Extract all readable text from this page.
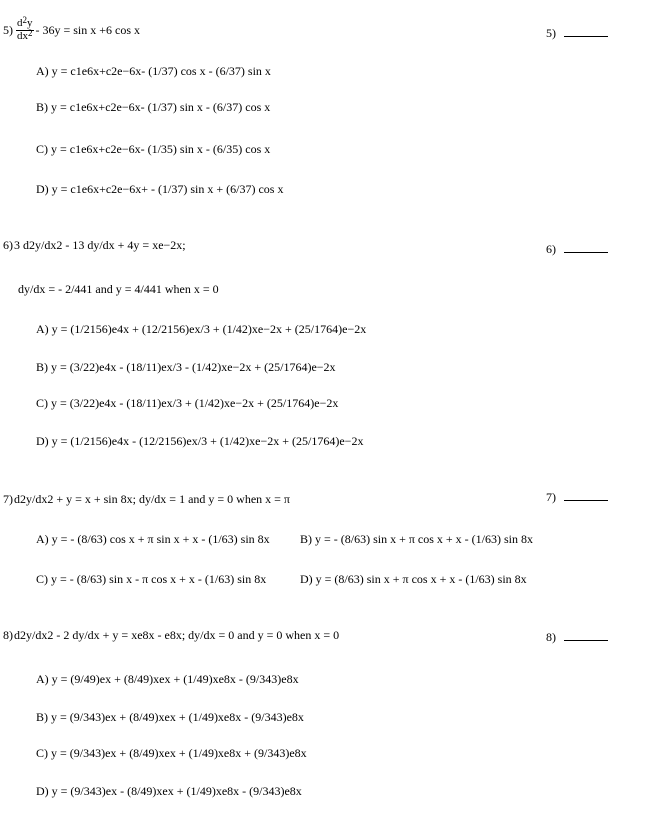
$5) \frac{d^2y}{dx^2} - 36y = \sin x +6$ cos x	5)
A) y = c1e6x+c2e−6x- (1/37) cos x - (6/37) sin x
B) y = c1e6x+c2e−6x- (1/37) sin x - (6/37) cos x
C) y = c1e6x+c2e−6x- (1/35) sin x - (6/35) cos x
D) y = c1e6x+c2e−6x+ - (1/37) sin x + (6/37) cos x
6) 3 d2y/dx2 - 13 dy/dx + 4y = xe−2x;	6)
dy/dx = - 2/441 and y = 4/441 when x = 0
A) y = (1/2156)e4x + (12/2156)ex/3 + (1/42)xe−2x + (25/1764)e−2x
B) y = (3/22)e4x - (18/11)ex/3 - (1/42)xe−2x + (25/1764)e−2x
C) y = (3/22)e4x - (18/11)ex/3 + (1/42)xe−2x + (25/1764)e−2x
D) y = (1/2156)e4x - (12/2156)ex/3 + (1/42)xe−2x + (25/1764)e−2x
7) d2y/dx2 + y = x + sin 8x; dy/dx = 1 and y = 0 when x = π	7)
A) y = - (8/63) cos x + π sin x + x - (1/63) sin 8x	B) y = - (8/63) sin x + π cos x + x - (1/63) sin 8x
C) y = - (8/63) sin x - π cos x + x - (1/63) sin 8x	D) y = (8/63) sin x + π cos x + x - (1/63) sin 8x
8) d2y/dx2 - 2 dy/dx + y = xe8x - e8x; dy/dx = 0 and y = 0 when x = 0	8)
A) y = (9/49)ex + (8/49)xex + (1/49)xe8x - (9/343)e8x
B) y = (9/343)ex + (8/49)xex + (1/49)xe8x - (9/343)e8x
C) y = (9/343)ex + (8/49)xex + (1/49)xe8x + (9/343)e8x
D) y = (9/343)ex - (8/49)xex + (1/49)xe8x - (9/343)e8x
